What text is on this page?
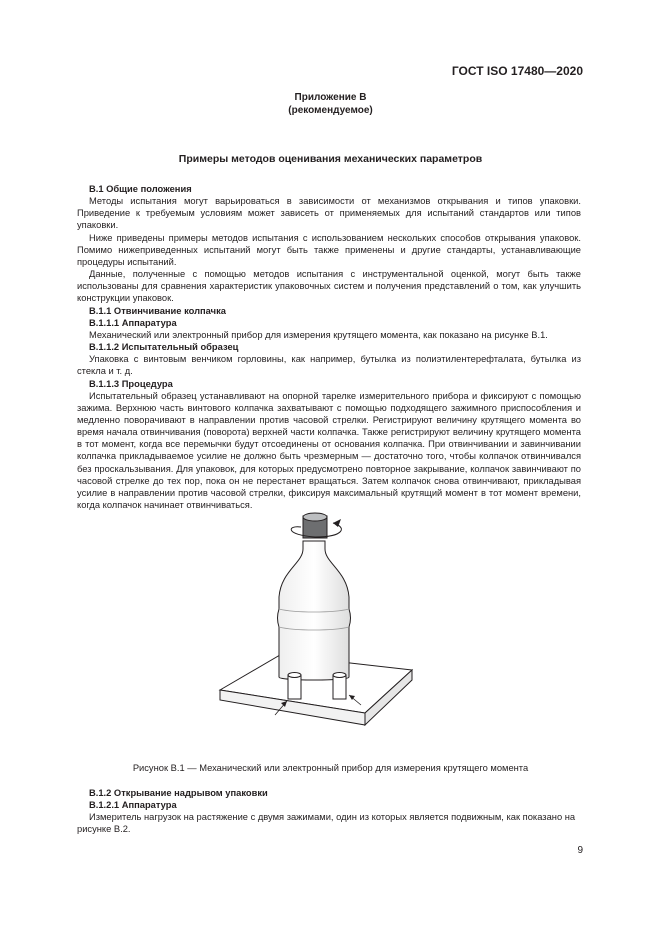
ГОСТ ISO 17480—2020
Приложение В
(рекомендуемое)
Примеры методов оценивания механических параметров

В.1 Общие положения

Методы испытания могут варьироваться в зависимости от механизмов открывания и типов упаковки. Приведение к требуемым условиям может зависеть от применяемых для испытаний стандартов или типов упаковки.

Ниже приведены примеры методов испытания с использованием нескольких способов открывания упаковок. Помимо нижеприведенных испытаний могут быть также применены и другие стандарты, устанавливающие процедуры испытаний.

Данные, полученные с помощью методов испытания с инструментальной оценкой, могут быть также использованы для сравнения характеристик упаковочных систем и получения представлений о том, как улучшить конструкции упаковок.

В.1.1 Отвинчивание колпачка

В.1.1.1 Аппаратура

Механический или электронный прибор для измерения крутящего момента, как показано на рисунке В.1.

В.1.1.2 Испытательный образец

Упаковка с винтовым венчиком горловины, как например, бутылка из полиэтилентерефталата, бутылка из стекла и т. д.

В.1.1.3 Процедура

Испытательный образец устанавливают на опорной тарелке измерительного прибора и фиксируют с помощью зажима. Верхнюю часть винтового колпачка захватывают с помощью подходящего зажимного приспособления и медленно поворачивают в направлении против часовой стрелки. Регистрируют величину крутящего момента во время начала отвинчивания (поворота) верхней части колпачка. Также регистрируют величину крутящего момента в тот момент, когда все перемычки будут отсоединены от основания колпачка. При отвинчивании и завинчивании колпачка прикладываемое усилие не должно быть чрезмерным — достаточно того, чтобы колпачок отвинчивался без проскальзывания. Для упаковок, для которых предусмотрено повторное закрывание, колпачок завинчивают по часовой стрелке до тех пор, пока он не перестанет вращаться. Затем колпачок снова отвинчивают, прикладывая усилие в направлении против часовой стрелки, фиксируя максимальный крутящий момент в тот момент времени, когда колпачок начинает отвинчиваться.

Рисунок В.1 — Механический или электронный прибор для измерения крутящего момента

В.1.2 Открывание надрывом упаковки

В.1.2.1 Аппаратура

Измеритель нагрузок на растяжение с двумя зажимами, один из которых является подвижным, как показано на рисунке В.2.

9
